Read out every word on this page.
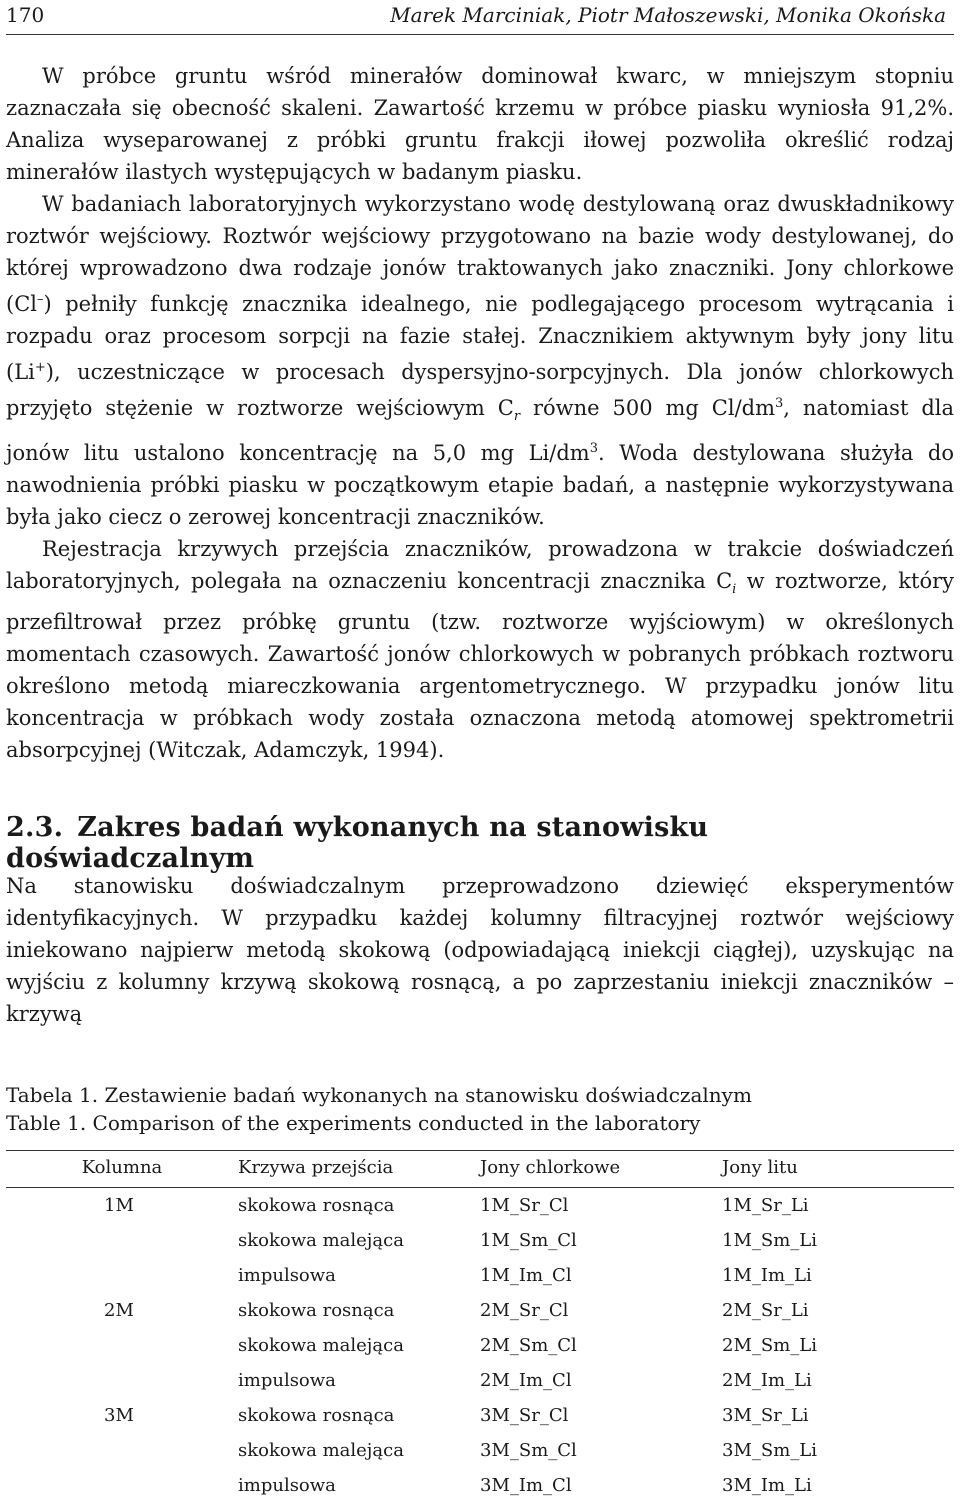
170	Marek Marciniak, Piotr Małoszewski, Monika Okońska

W próbce gruntu wśród minerałów dominował kwarc, w mniejszym stopniu zaznaczała się obecność skaleni. Zawartość krzemu w próbce piasku wyniosła 91,2%. Analiza wyseparowanej z próbki gruntu frakcji iłowej pozwoliła określić rodzaj minerałów ilastych występujących w badanym piasku.

W badaniach laboratoryjnych wykorzystano wodę destylowaną oraz dwuskładnikowy roztwór wejściowy. Roztwór wejściowy przygotowano na bazie wody destylowanej, do której wprowadzono dwa rodzaje jonów traktowanych jako znaczniki. Jony chlorkowe (Cl–) pełniły funkcję znacznika idealnego, nie podlegającego procesom wytrącania i rozpadu oraz procesom sorpcji na fazie stałej. Znacznikiem aktywnym były jony litu (Li+), uczestniczące w procesach dyspersyjno-sorpcyjnych. Dla jonów chlorkowych przyjęto stężenie w roztworze wejściowym $C_r$ równe 500 mg $Cl/dm^3$, natomiast dla jonów litu ustalono koncentrację na 5,0 mg $Li/dm^3$. Woda destylowana służyła do nawodnienia próbki piasku w początkowym etapie badań, a następnie wykorzystywana była jako ciecz o zerowej koncentracji znaczników.

Rejestracja krzywych przejścia znaczników, prowadzona w trakcie doświadczeń laboratoryjnych, polegała na oznaczeniu koncentracji znacznika $C_i$ w roztworze, który przefiltrował przez próbkę gruntu (tzw. roztworze wyjściowym) w określonych momentach czasowych. Zawartość jonów chlorkowych w pobranych próbkach roztworu określono metodą miareczkowania argentometrycznego. W przypadku jonów litu koncentracja w próbkach wody została oznaczona metodą atomowej spektrometrii absorpcyjnej (Witczak, Adamczyk, 1994).

2.3. Zakres badań wykonanych na stanowisku doświadczalnym

Na stanowisku doświadczalnym przeprowadzono dziewięć eksperymentów identyfikacyjnych. W przypadku każdej kolumny filtracyjnej roztwór wejściowy iniekowano najpierw metodą skokową (odpowiadającą iniekcji ciągłej), uzyskując na wyjściu z kolumny krzywą skokową rosnącą, a po zaprzestaniu iniekcji znaczników – krzywą

Tabela 1. Zestawienie badań wykonanych na stanowisku doświadczalnym
Table 1. Comparison of the experiments conducted in the laboratory
Kolumna	Krzywa przejścia	Jony chlorkowe	Jony litu
1M	skokowa rosnąca	1M_Sr_Cl	1M_Sr_Li
	skokowa malejąca	1M_Sm_Cl	1M_Sm_Li
	impulsowa	1M_Im_Cl	1M_Im_Li
2M	skokowa rosnąca	2M_Sr_Cl	2M_Sr_Li
	skokowa malejąca	2M_Sm_Cl	2M_Sm_Li
	impulsowa	2M_Im_Cl	2M_Im_Li
3M	skokowa rosnąca	3M_Sr_Cl	3M_Sr_Li
	skokowa malejąca	3M_Sm_Cl	3M_Sm_Li
	impulsowa	3M_Im_Cl	3M_Im_Li
